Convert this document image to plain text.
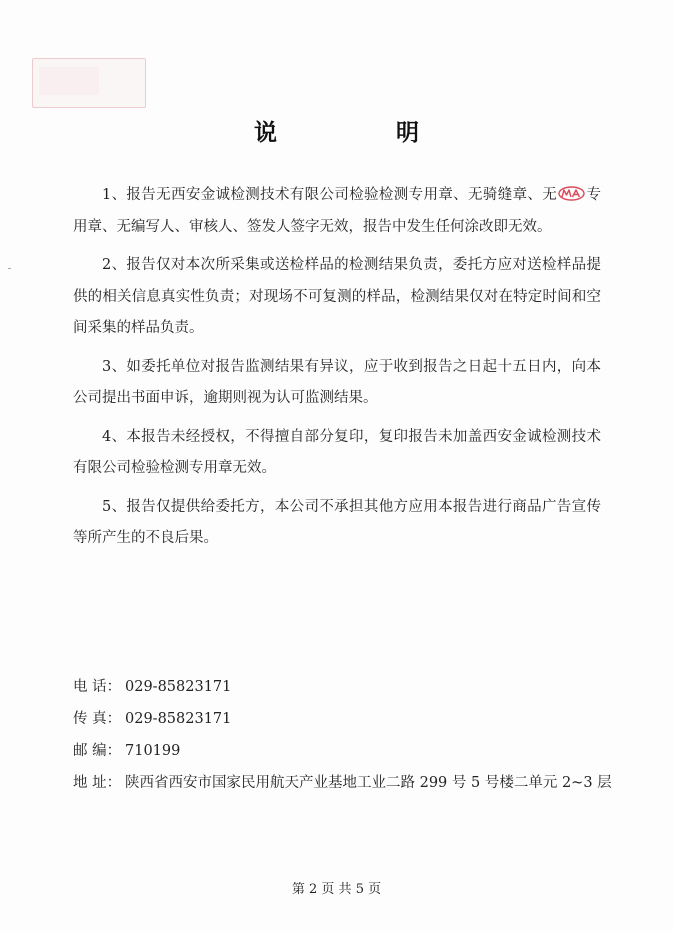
说　明

1、报告无西安金诚检测技术有限公司检验检测专用章、无骑缝章、无 专用章、无编写人、审核人、签发人签字无效，报告中发生任何涂改即无效。

2、报告仅对本次所采集或送检样品的检测结果负责，委托方应对送检样品提供的相关信息真实性负责；对现场不可复测的样品，检测结果仅对在特定时间和空间采集的样品负责。

3、如委托单位对报告监测结果有异议，应于收到报告之日起十五日内，向本公司提出书面申诉，逾期则视为认可监测结果。

4、本报告未经授权，不得擅自部分复印，复印报告未加盖西安金诚检测技术有限公司检验检测专用章无效。

5、报告仅提供给委托方，本公司不承担其他方应用本报告进行商品广告宣传等所产生的不良后果。

电 话： 029-85823171
传 真： 029-85823171
邮 编： 710199
地 址： 陕西省西安市国家民用航天产业基地工业二路 299 号 5 号楼二单元 2~3 层
第 2 页 共 5 页
